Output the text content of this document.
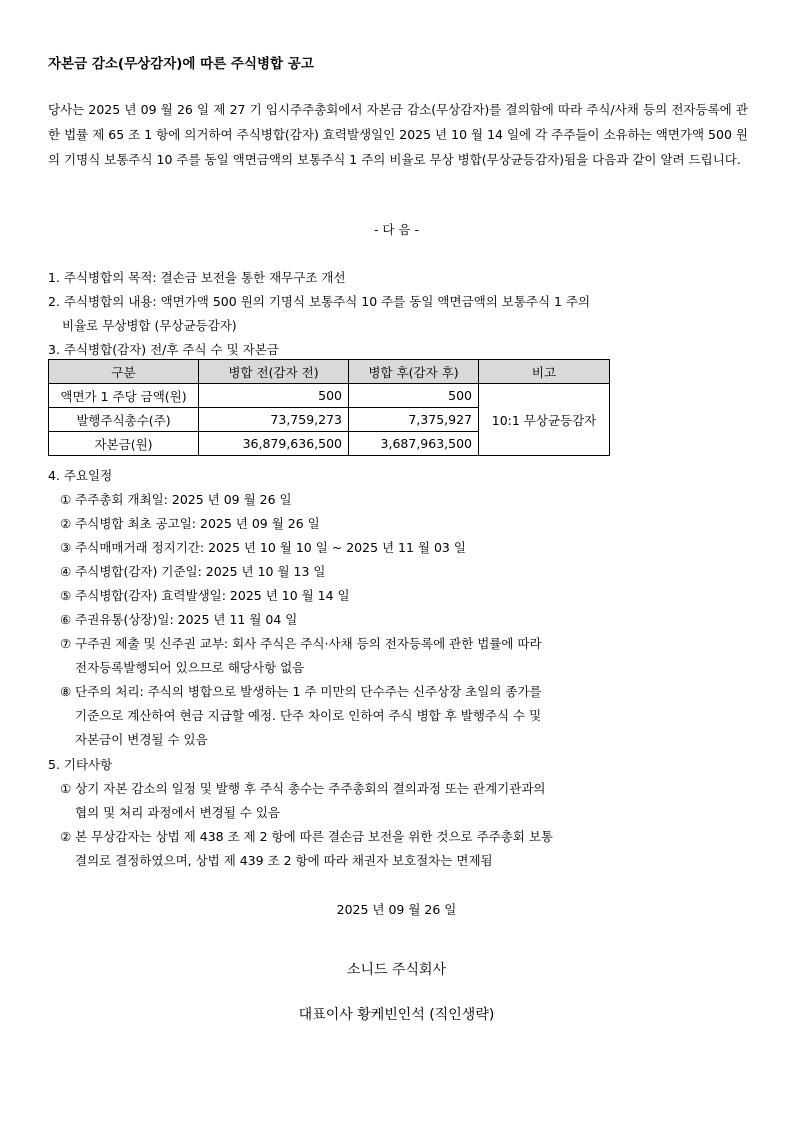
자본금 감소(무상감자)에 따른 주식병합 공고
당사는 2025 년 09 월 26 일 제 27 기 임시주주총회에서 자본금 감소(무상감자)를 결의함에 따라 주식/사채 등의 전자등록에 관한 법률 제 65 조 1 항에 의거하여 주식병합(감자) 효력발생일인 2025 년 10 월 14 일에 각 주주들이 소유하는 액면가액 500 원의 기명식 보통주식 10 주를 동일 액면금액의 보통주식 1 주의 비율로 무상 병합(무상균등감자)됨을 다음과 같이 알려 드립니다.
- 다 음 -
1. 주식병합의 목적: 결손금 보전을 통한 재무구조 개선
2. 주식병합의 내용: 액면가액 500 원의 기명식 보통주식 10 주를 동일 액면금액의 보통주식 1 주의
비율로 무상병합 (무상균등감자)
3. 주식병합(감자) 전/후 주식 수 및 자본금
구분	병합 전(감자 전)	병합 후(감자 후)	비고
액면가 1 주당 금액(원)	500	500	10:1 무상균등감자
발행주식총수(주)	73,759,273	7,375,927	
자본금(원)	36,879,636,500	3,687,963,500	
4. 주요일정
① 주주총회 개최일: 2025 년 09 월 26 일
② 주식병합 최초 공고일: 2025 년 09 월 26 일
③ 주식매매거래 정지기간: 2025 년 10 월 10 일 ~ 2025 년 11 월 03 일
④ 주식병합(감자) 기준일: 2025 년 10 월 13 일
⑤ 주식병합(감자) 효력발생일: 2025 년 10 월 14 일
⑥ 주권유통(상장)일: 2025 년 11 월 04 일
⑦ 구주권 제출 및 신주권 교부: 회사 주식은 주식·사채 등의 전자등록에 관한 법률에 따라
전자등록발행되어 있으므로 해당사항 없음
⑧ 단주의 처리: 주식의 병합으로 발생하는 1 주 미만의 단수주는 신주상장 초일의 종가를
기준으로 계산하여 현금 지급할 예정. 단주 차이로 인하여 주식 병합 후 발행주식 수 및
자본금이 변경될 수 있음
5. 기타사항
① 상기 자본 감소의 일정 및 발행 후 주식 총수는 주주총회의 결의과정 또는 관계기관과의
협의 및 처리 과정에서 변경될 수 있음
② 본 무상감자는 상법 제 438 조 제 2 항에 따른 결손금 보전을 위한 것으로 주주총회 보통
결의로 결정하였으며, 상법 제 439 조 2 항에 따라 채권자 보호절차는 면제됨
2025 년 09 월 26 일
소니드 주식회사
대표이사 황케빈인석 (직인생략)
